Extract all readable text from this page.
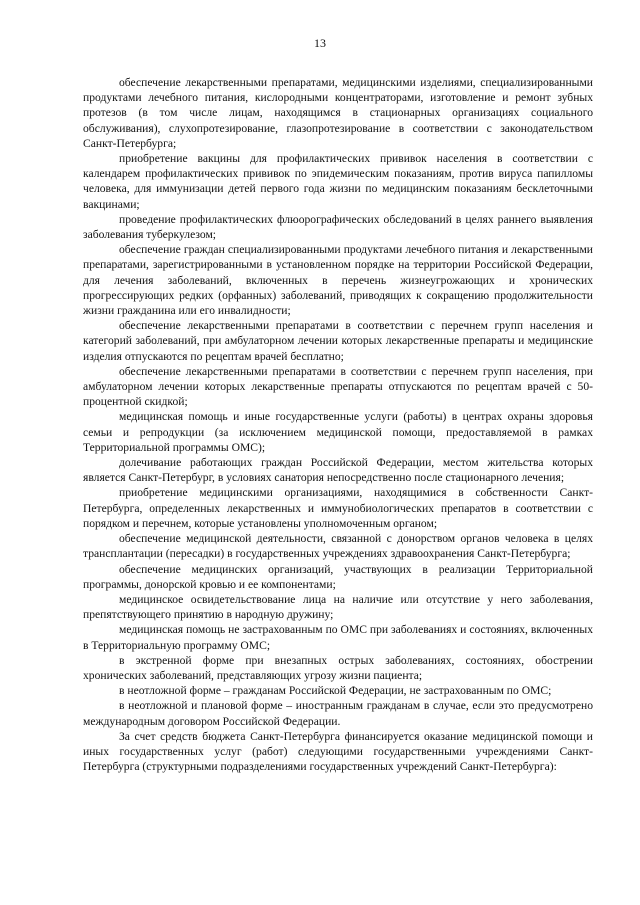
13

обеспечение лекарственными препаратами, медицинскими изделиями, специализированными продуктами лечебного питания, кислородными концентраторами, изготовление и ремонт зубных протезов (в том числе лицам, находящимся в стационарных организациях социального обслуживания), слухопротезирование, глазопротезирование в соответствии с законодательством Санкт-Петербурга;

приобретение вакцины для профилактических прививок населения в соответствии с календарем профилактических прививок по эпидемическим показаниям, против вируса папилломы человека, для иммунизации детей первого года жизни по медицинским показаниям бесклеточными вакцинами;

проведение профилактических флюорографических обследований в целях раннего выявления заболевания туберкулезом;

обеспечение граждан специализированными продуктами лечебного питания и лекарственными препаратами, зарегистрированными в установленном порядке на территории Российской Федерации, для лечения заболеваний, включенных в перечень жизнеугрожающих и хронических прогрессирующих редких (орфанных) заболеваний, приводящих к сокращению продолжительности жизни гражданина или его инвалидности;

обеспечение лекарственными препаратами в соответствии с перечнем групп населения и категорий заболеваний, при амбулаторном лечении которых лекарственные препараты и медицинские изделия отпускаются по рецептам врачей бесплатно;

обеспечение лекарственными препаратами в соответствии с перечнем групп населения, при амбулаторном лечении которых лекарственные препараты отпускаются по рецептам врачей с 50-процентной скидкой;

медицинская помощь и иные государственные услуги (работы) в центрах охраны здоровья семьи и репродукции (за исключением медицинской помощи, предоставляемой в рамках Территориальной программы ОМС);

долечивание работающих граждан Российской Федерации, местом жительства которых является Санкт-Петербург, в условиях санатория непосредственно после стационарного лечения;

приобретение медицинскими организациями, находящимися в собственности Санкт-Петербурга, определенных лекарственных и иммунобиологических препаратов в соответствии с порядком и перечнем, которые установлены уполномоченным органом;

обеспечение медицинской деятельности, связанной с донорством органов человека в целях трансплантации (пересадки) в государственных учреждениях здравоохранения Санкт-Петербурга;

обеспечение медицинских организаций, участвующих в реализации Территориальной программы, донорской кровью и ее компонентами;

медицинское освидетельствование лица на наличие или отсутствие у него заболевания, препятствующего принятию в народную дружину;

медицинская помощь не застрахованным по ОМС при заболеваниях и состояниях, включенных в Территориальную программу ОМС;

в экстренной форме при внезапных острых заболеваниях, состояниях, обострении хронических заболеваний, представляющих угрозу жизни пациента;

в неотложной форме – гражданам Российской Федерации, не застрахованным по ОМС;

в неотложной и плановой форме – иностранным гражданам в случае, если это предусмотрено международным договором Российской Федерации.

За счет средств бюджета Санкт-Петербурга финансируется оказание медицинской помощи и иных государственных услуг (работ) следующими государственными учреждениями Санкт-Петербурга (структурными подразделениями государственных учреждений Санкт-Петербурга):
